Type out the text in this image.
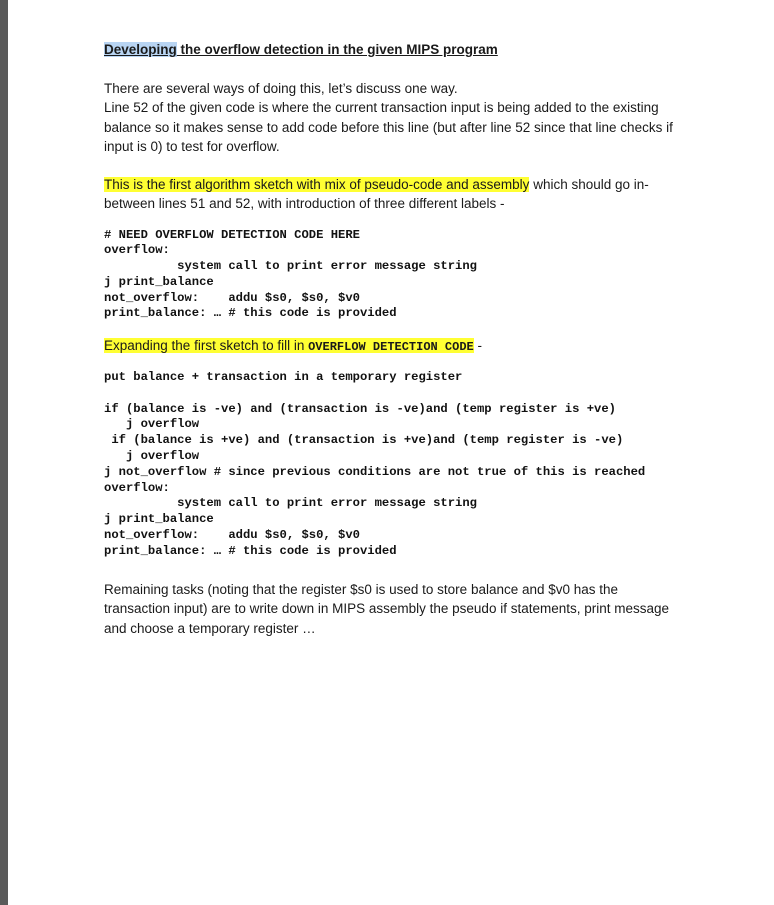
Developing the overflow detection in the given MIPS program

There are several ways of doing this, let’s discuss one way.

Line 52 of the given code is where the current transaction input is being added to the existing

balance so it makes sense to add code before this line (but after line 52 since that line checks if

input is 0) to test for overflow.

This is the first algorithm sketch with mix of pseudo-code and assembly which should go in-

between lines 51 and 52, with introduction of three different labels -

# NEED OVERFLOW DETECTION CODE HERE
overflow:
system call to print error message string
j print_balance
not_overflow:    addu $s0, $s0, $v0
print_balance: … # this code is provided

Expanding the first sketch to fill in OVERFLOW DETECTION CODE -

put balance + transaction in a temporary register
if (balance is -ve) and (transaction is -ve)and (temp register is +ve)
j overflow
if (balance is +ve) and (transaction is +ve)and (temp register is -ve)
j overflow
j not_overflow # since previous conditions are not true of this is reached
overflow:
system call to print error message string
j print_balance
not_overflow:    addu $s0, $s0, $v0
print_balance: … # this code is provided

Remaining tasks (noting that the register $s0 is used to store balance and $v0 has the

transaction input) are to write down in MIPS assembly the pseudo if statements, print message

and choose a temporary register …
